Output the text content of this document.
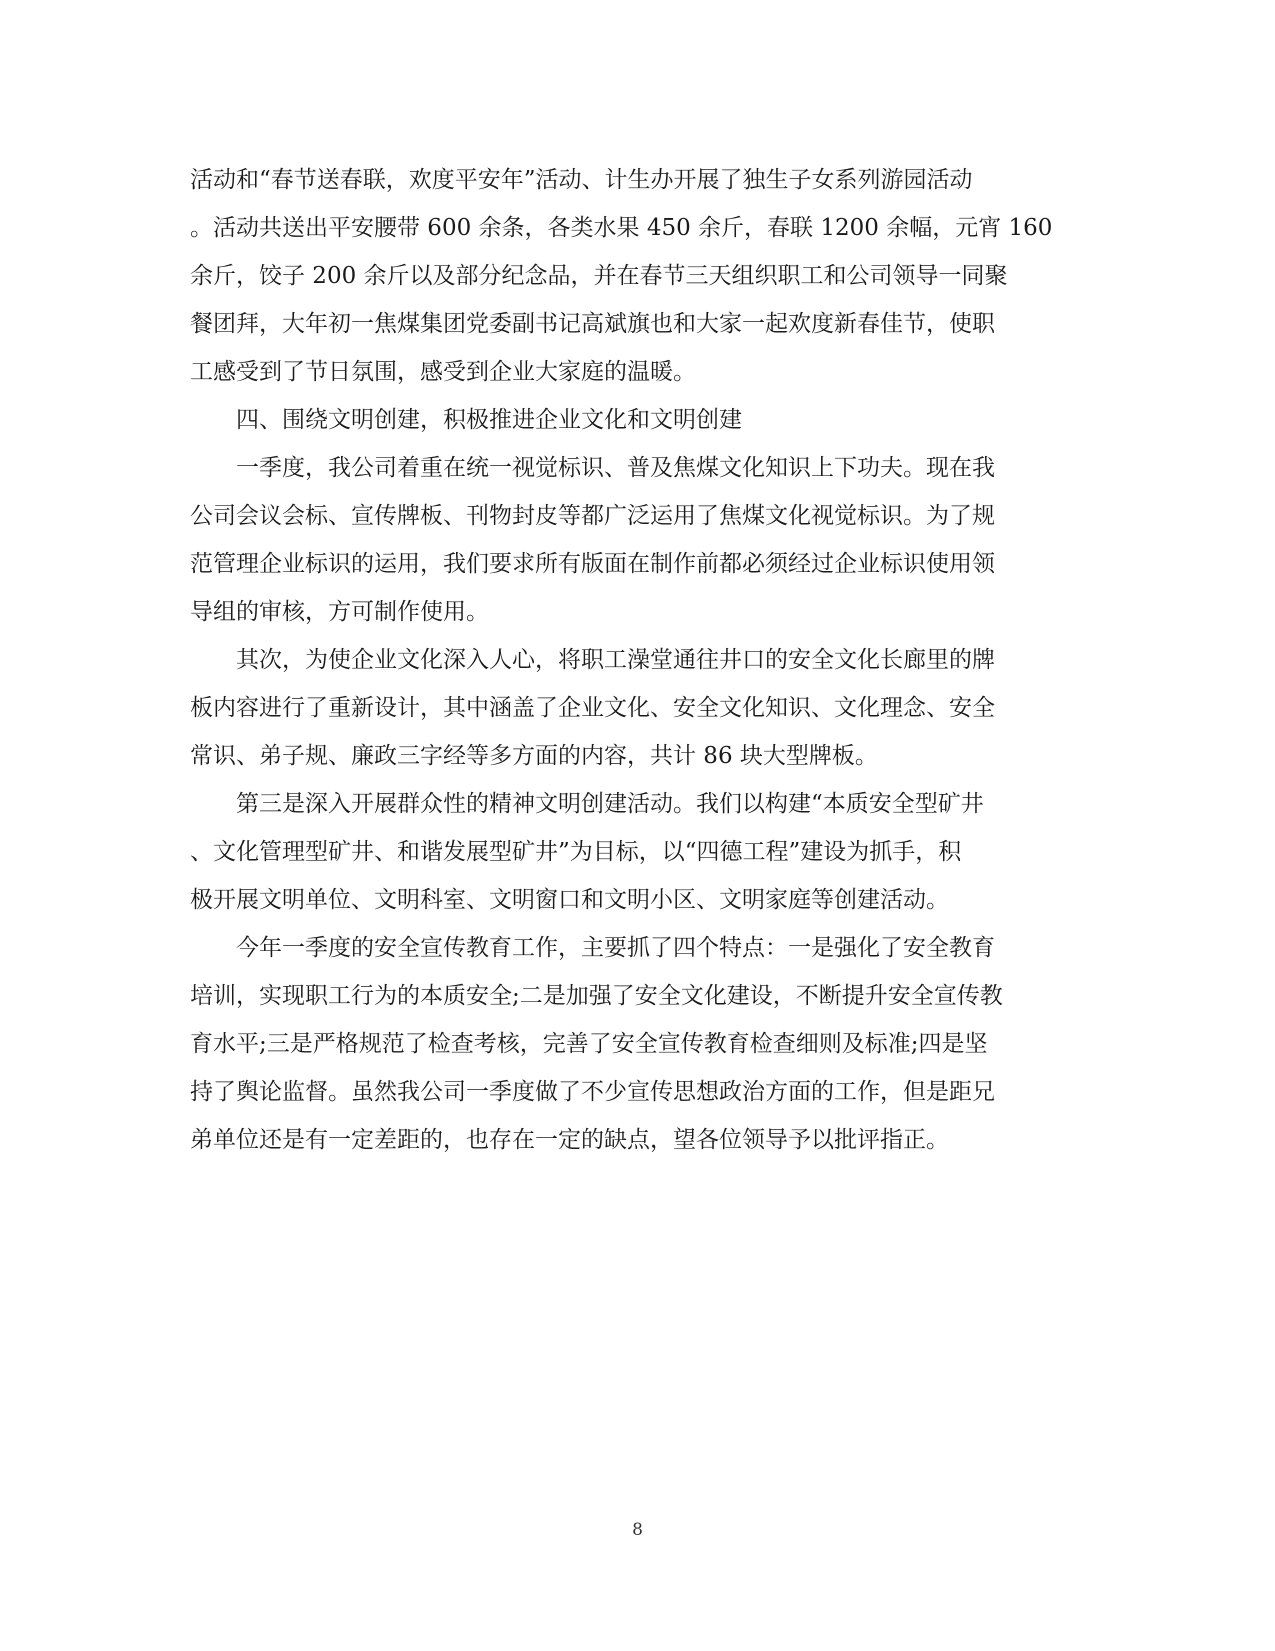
活动和“春节送春联，欢度平安年”活动、计生办开展了独生子女系列游园活动
。活动共送出平安腰带 600 余条，各类水果 450 余斤，春联 1200 余幅，元宵 160
余斤，饺子 200 余斤以及部分纪念品，并在春节三天组织职工和公司领导一同聚
餐团拜，大年初一焦煤集团党委副书记高斌旗也和大家一起欢度新春佳节，使职
工感受到了节日氛围，感受到企业大家庭的温暖。
四、围绕文明创建，积极推进企业文化和文明创建
一季度，我公司着重在统一视觉标识、普及焦煤文化知识上下功夫。现在我
公司会议会标、宣传牌板、刊物封皮等都广泛运用了焦煤文化视觉标识。为了规
范管理企业标识的运用，我们要求所有版面在制作前都必须经过企业标识使用领
导组的审核，方可制作使用。
其次，为使企业文化深入人心，将职工澡堂通往井口的安全文化长廊里的牌
板内容进行了重新设计，其中涵盖了企业文化、安全文化知识、文化理念、安全
常识、弟子规、廉政三字经等多方面的内容，共计 86 块大型牌板。
第三是深入开展群众性的精神文明创建活动。我们以构建“本质安全型矿井
、文化管理型矿井、和谐发展型矿井”为目标，以“四德工程”建设为抓手，积
极开展文明单位、文明科室、文明窗口和文明小区、文明家庭等创建活动。
今年一季度的安全宣传教育工作，主要抓了四个特点：一是强化了安全教育
培训，实现职工行为的本质安全;二是加强了安全文化建设，不断提升安全宣传教
育水平;三是严格规范了检查考核，完善了安全宣传教育检查细则及标准;四是坚
持了舆论监督。虽然我公司一季度做了不少宣传思想政治方面的工作，但是距兄
弟单位还是有一定差距的，也存在一定的缺点，望各位领导予以批评指正。
8
